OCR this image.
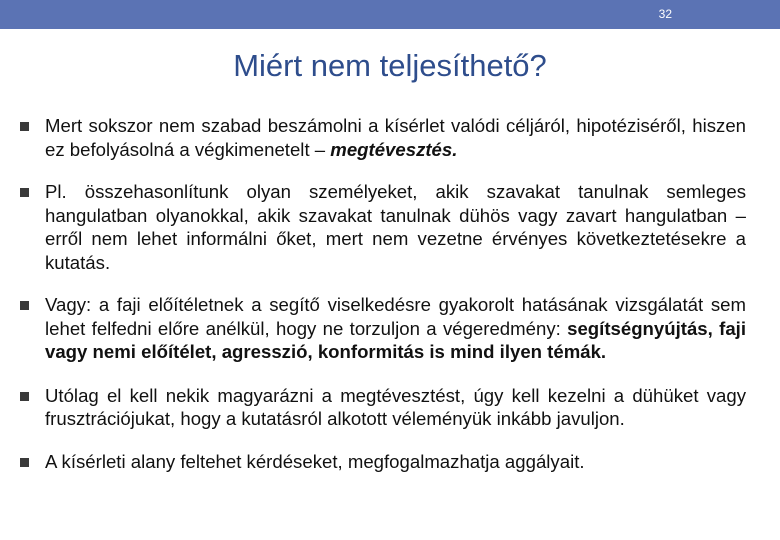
32
Miért nem teljesíthető?
Mert sokszor nem szabad beszámolni a kísérlet valódi céljáról, hipotéziséről, hiszen ez befolyásolná a végkimenetelt – megtévesztés.
Pl. összehasonlítunk olyan személyeket, akik szavakat tanulnak semleges hangulatban olyanokkal, akik szavakat tanulnak dühös vagy zavart hangulatban – erről nem lehet informálni őket, mert nem vezetne érvényes következtetésekre a kutatás.
Vagy: a faji előítéletnek a segítő viselkedésre gyakorolt hatásának vizsgálatát sem lehet felfedni előre anélkül, hogy ne torzuljon a végeredmény: segítségnyújtás, faji vagy nemi előítélet, agresszió, konformitás is mind ilyen témák.
Utólag el kell nekik magyarázni a megtévesztést, úgy kell kezelni a dühüket vagy frusztrációjukat, hogy a kutatásról alkotott véleményük inkább javuljon.
A kísérleti alany feltehet kérdéseket, megfogalmazhatja aggályait.
